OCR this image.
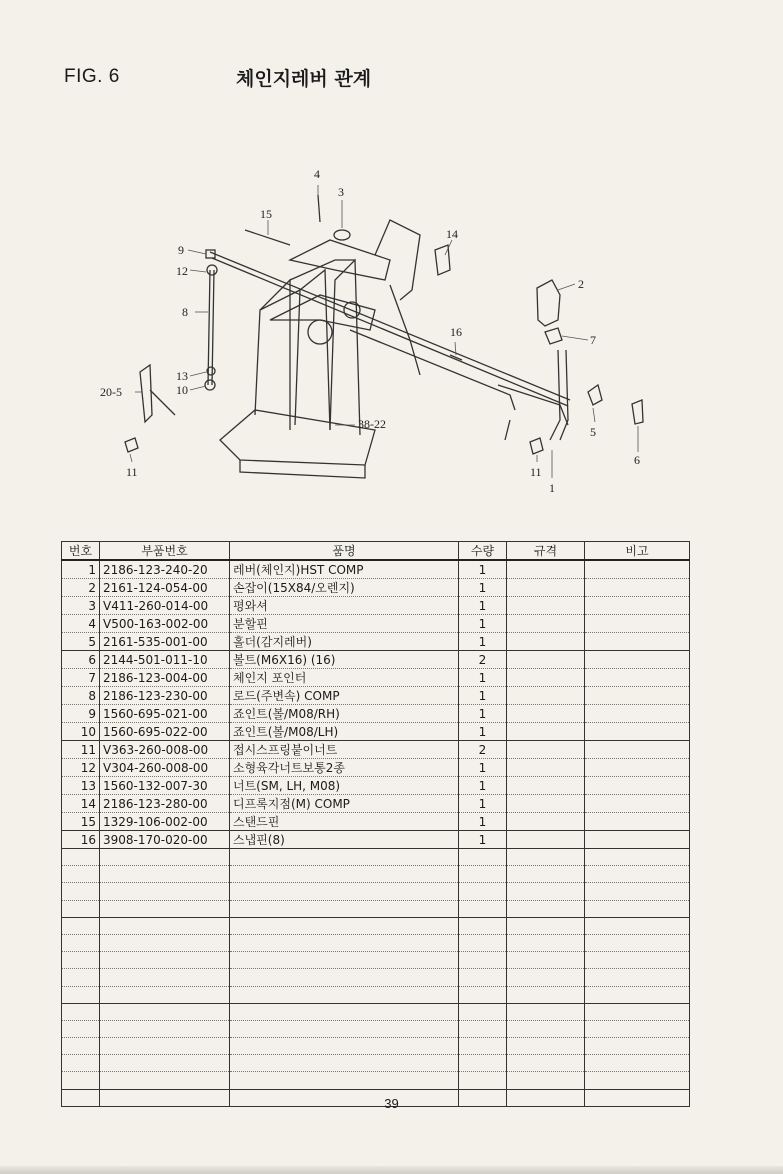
FIG. 6	체인지레버 관계
4
3
15
14
9
12
2
8
16
7
13
10
20-5
38-22
5
11	11
1
6
번호	부품번호	품명	수량	규격	비고
1	2186-123-240-20	레버(체인지)HST COMP	1		
2	2161-124-054-00	손잡이(15X84/오렌지)	1		
3	V411-260-014-00	평와셔	1		
4	V500-163-002-00	분할핀	1		
5	2161-535-001-00	홀더(감지레버)	1		
6	2144-501-011-10	볼트(M6X16) (16)	2		
7	2186-123-004-00	체인지 포인터	1		
8	2186-123-230-00	로드(주변속) COMP	1		
9	1560-695-021-00	죠인트(볼/M08/RH)	1		
10	1560-695-022-00	죠인트(볼/M08/LH)	1		
11	V363-260-008-00	접시스프링붙이너트	2		
12	V304-260-008-00	소형육각너트보통2종	1		
13	1560-132-007-30	너트(SM, LH, M08)	1		
14	2186-123-280-00	디프록지점(M) COMP	1		
15	1329-106-002-00	스탠드핀	1		
16	3908-170-020-00	스냅핀(8)	1		

39
